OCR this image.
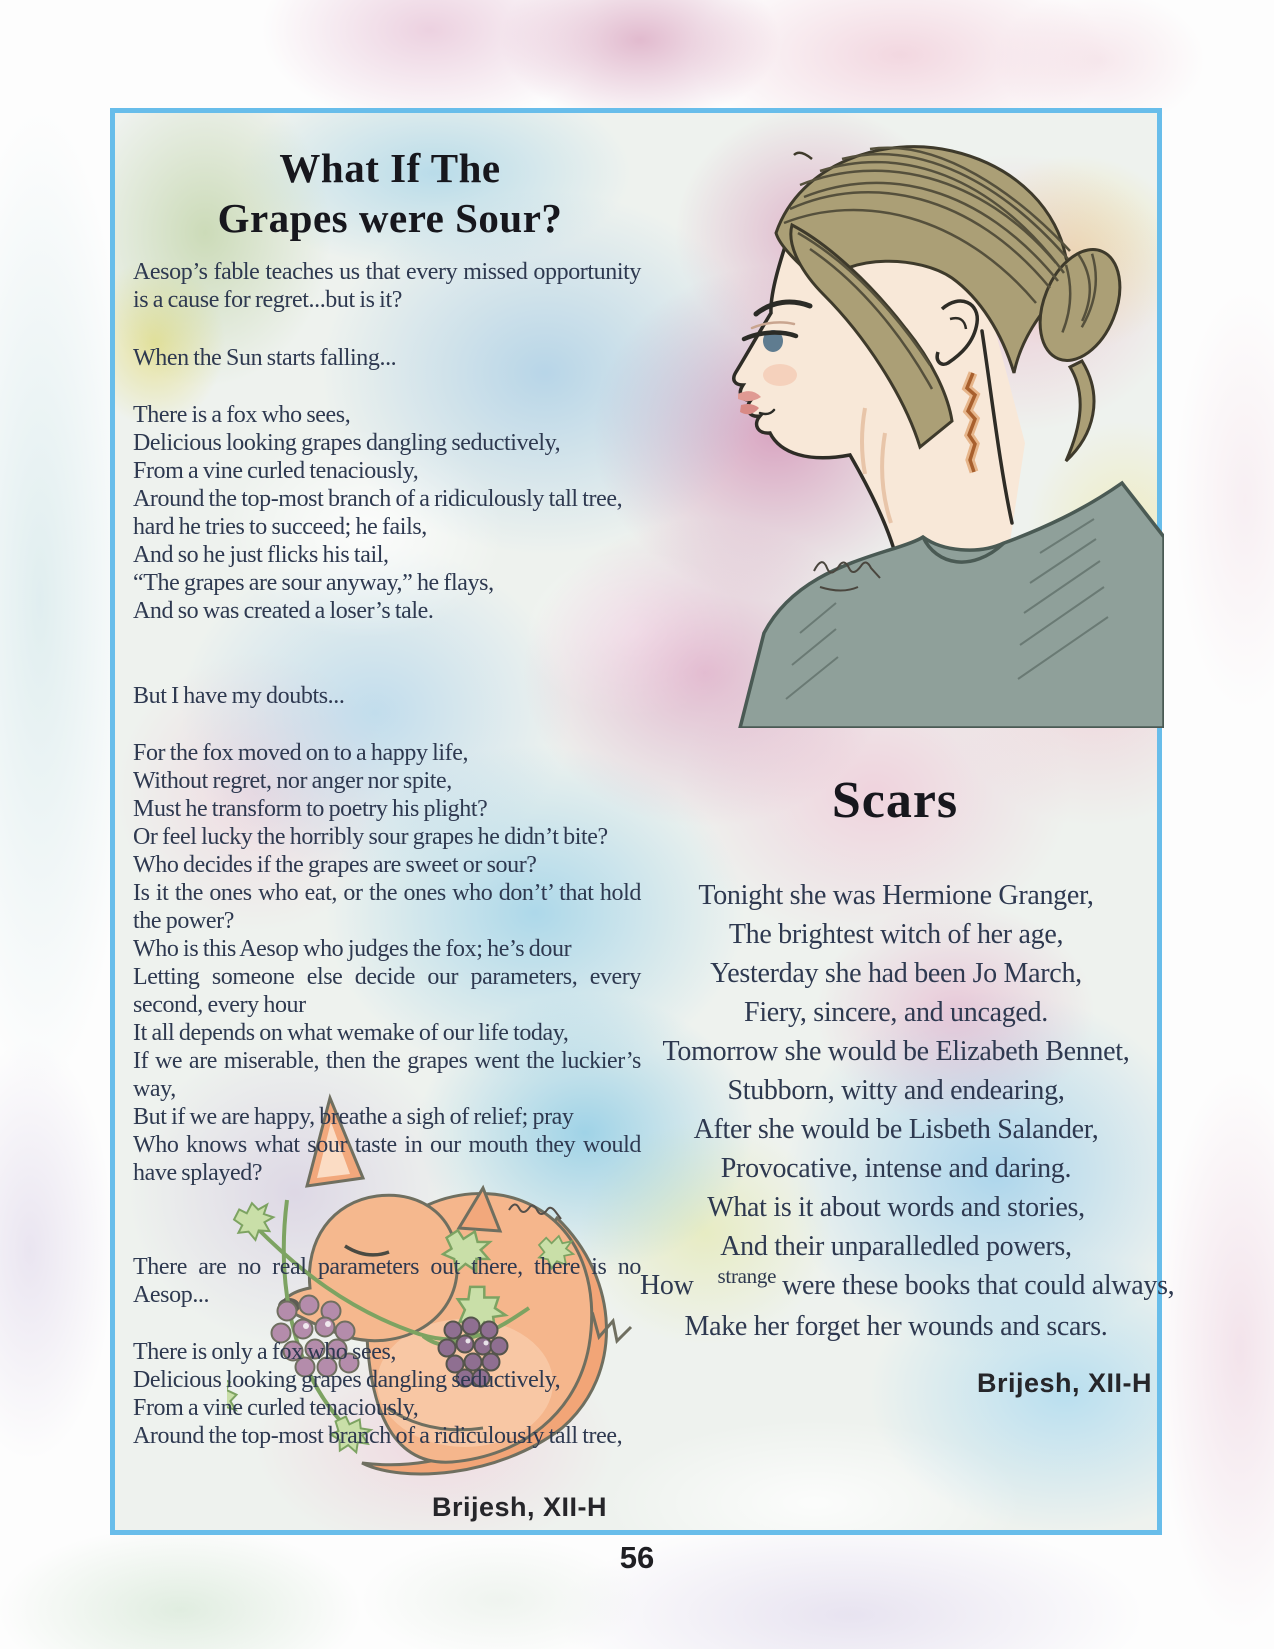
What If The
Grapes were Sour?
Aesop’s fable teaches us that every missed opportunity is a cause for regret...but is it?
When the Sun starts falling...
There is a fox who sees,
Delicious looking grapes dangling seductively,
From a vine curled tenaciously,
Around the top-most branch of a ridiculously tall tree,
hard he tries to succeed; he fails,
And so he just flicks his tail,
“The grapes are sour anyway,” he flays,
And so was created a loser’s tale.
But I have my doubts...
For the fox moved on to a happy life,
Without regret, nor anger nor spite,
Must he transform to poetry his plight?
Or feel lucky the horribly sour grapes he didn’t bite?
Who decides if the grapes are sweet or sour?
Is it the ones who eat, or the ones who don’t’ that hold the power?
Who is this Aesop who judges the fox; he’s dour
Letting someone else decide our parameters, every second, every hour
It all depends on what wemake of our life today,
If we are miserable, then the grapes went the luckier’s way,
But if we are happy, breathe a sigh of relief; pray
Who knows what sour taste in our mouth they would have splayed?
There are no real parameters out there, there is no Aesop...
There is only a fox who sees,
Delicious looking grapes dangling seductively,
From a vine curled tenaciously,
Around the top-most branch of a ridiculously tall tree,
Brijesh, XII-H
Scars
Tonight she was Hermione Granger,
The brightest witch of her age,
Yesterday she had been Jo March,
Fiery, sincere, and uncaged.
Tomorrow she would be Elizabeth Bennet,
Stubborn, witty and endearing,
After she would be Lisbeth Salander,
Provocative, intense and daring.
What is it about words and stories,
And their unparalledled powers,
How strange were these books that could always,
Make her forget her wounds and scars.
Brijesh, XII-H
56
